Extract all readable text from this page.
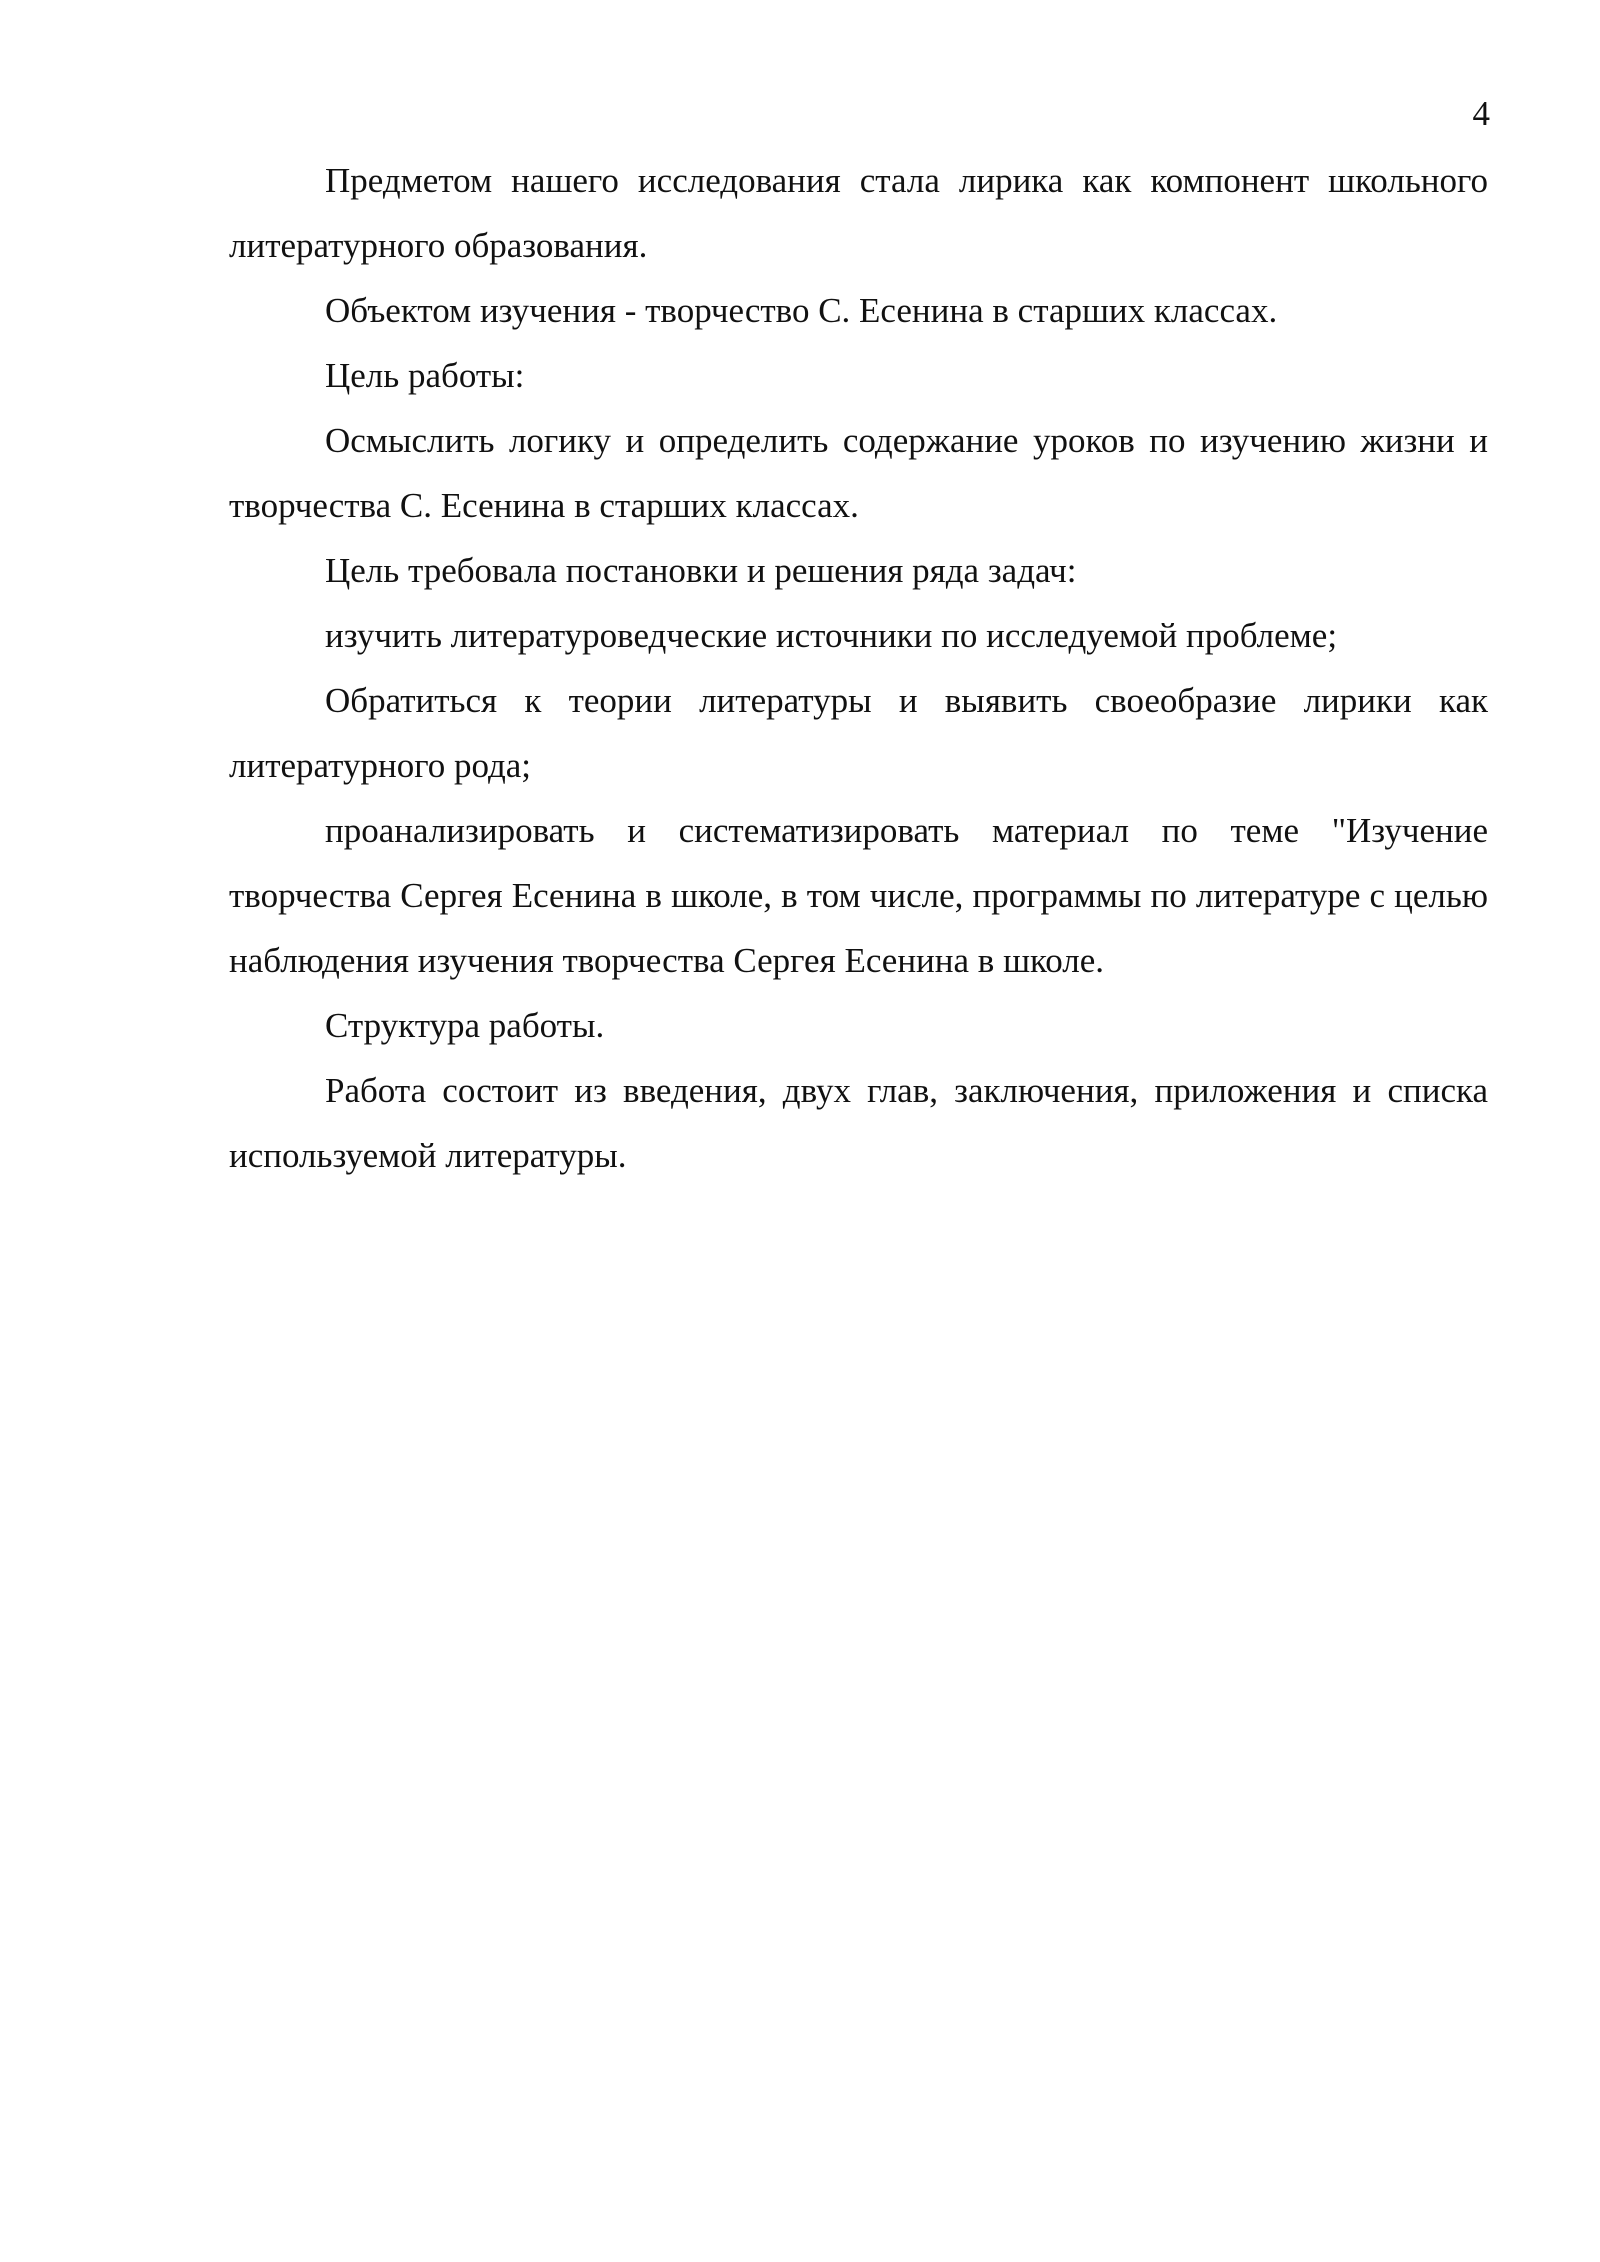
4

Предметом нашего исследования стала лирика как компонент школьного литературного образования.

Объектом изучения - творчество С. Есенина в старших классах.

Цель работы:

Осмыслить логику и определить содержание уроков по изучению жизни и творчества С. Есенина в старших классах.

Цель требовала постановки и решения ряда задач:

изучить литературоведческие источники по исследуемой проблеме;

Обратиться к теории литературы и выявить своеобразие лирики как литературного рода;

проанализировать и систематизировать материал по теме "Изучение творчества Сергея Есенина в школе, в том числе, программы по литературе с целью наблюдения изучения творчества Сергея Есенина в школе.

Структура работы.

Работа состоит из введения, двух глав, заключения, приложения и списка используемой литературы.
